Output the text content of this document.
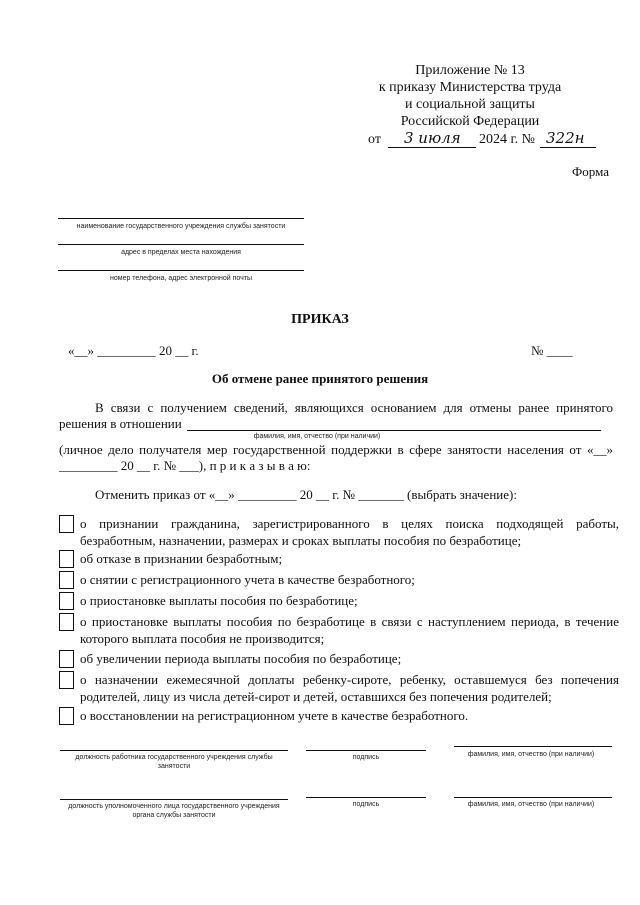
Приложение № 13
к приказу Министерства труда
и социальной защиты
Российской Федерации
от 3 июля 2024 г. № 322н
Форма
наименование государственного учреждения службы занятости
адрес в пределах места нахождения
номер телефона, адрес электронной почты
ПРИКАЗ
«__» _________ 20 __ г.	№ ____
Об отмене ранее принятого решения
В связи с получением сведений, являющихся основанием для отмены ранее принятого решения в отношении
фамилия, имя, отчество (при наличии)
(личное дело получателя мер государственной поддержки в сфере занятости населения от «__» _________ 20 __ г. № ___), п р и к а з ы в а ю:
Отменить приказ от «__» _________ 20 __ г. № _______ (выбрать значение):
о признании гражданина, зарегистрированного в целях поиска подходящей работы, безработным, назначении, размерах и сроках выплаты пособия по безработице;
об отказе в признании безработным;
о снятии с регистрационного учета в качестве безработного;
о приостановке выплаты пособия по безработице;
о приостановке выплаты пособия по безработице в связи с наступлением периода, в течение которого выплата пособия не производится;
об увеличении периода выплаты пособия по безработице;
о назначении ежемесячной доплаты ребенку-сироте, ребенку, оставшемуся без попечения родителей, лицу из числа детей-сирот и детей, оставшихся без попечения родителей;
о восстановлении на регистрационном учете в качестве безработного.
должность работника государственного учреждения службы занятости
подпись	фамилия, имя, отчество (при наличии)
должность уполномоченного лица государственного учреждения органа службы занятости
подпись	фамилия, имя, отчество (при наличии)
